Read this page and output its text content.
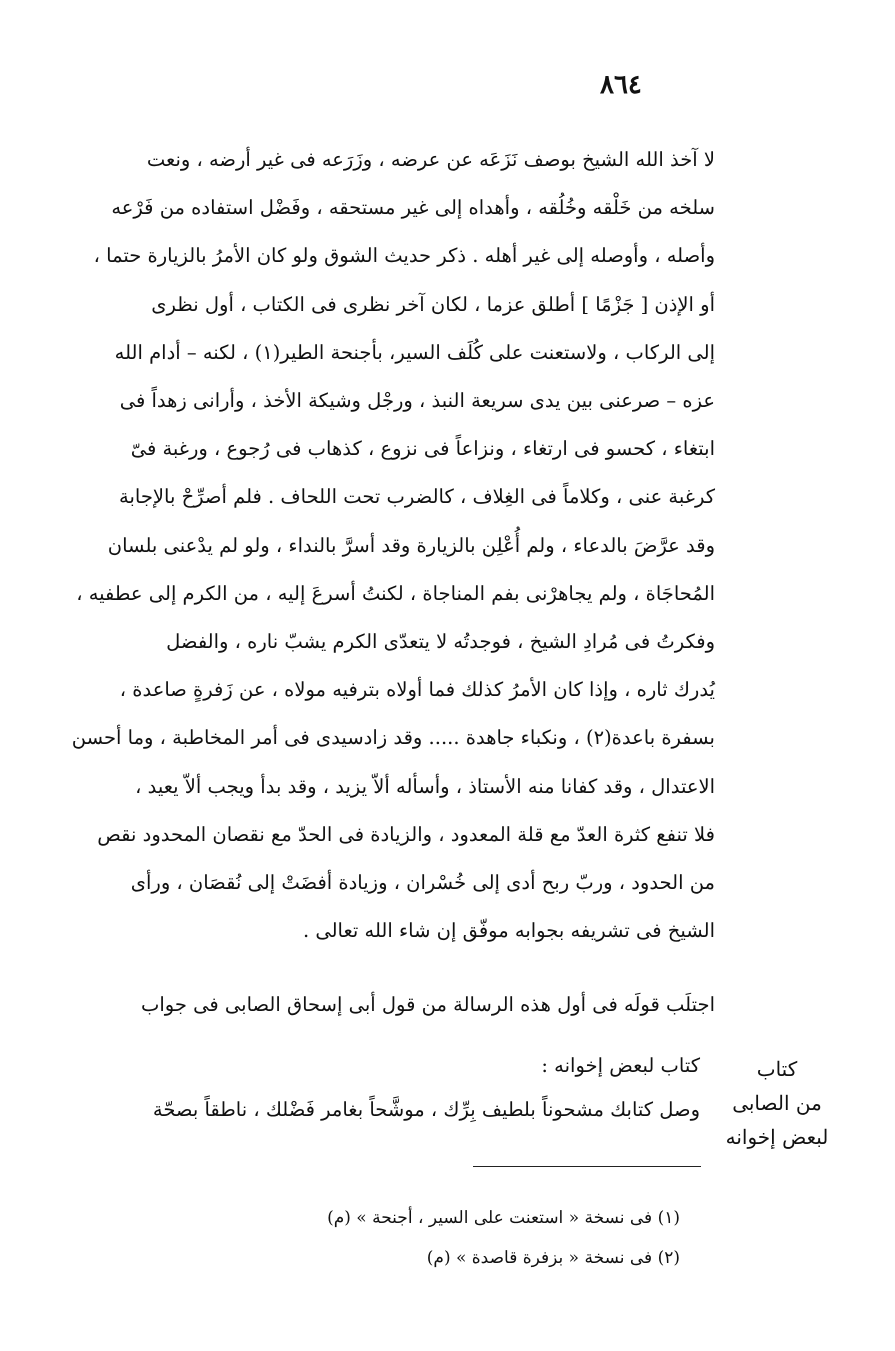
٨٦٤

لا آخذ الله الشيخ بوصف نَزَعَه عن عرضه ، وزَرَعه فى غير أرضه ، ونعت

سلخه من خَلْقه وخُلُقه ، وأهداه إلى غير مستحقه ، وفَضْل استفاده من فَرْعه

وأصله ، وأوصله إلى غير أهله . ذكر حديث الشوق ولو كان الأمرُ بالزيارة حتما ،

أو الإذن [ جَزْمًا ] أطلق عزما ، لكان آخر نظرى فى الكتاب ، أول نظرى

إلى الركاب ، ولاستعنت على كُلَف السير، بأجنحة الطير(١) ، لكنه – أدام الله

عزه – صرعنى بين يدى سريعة النبذ ، ورجْل وشيكة الأخذ ، وأرانى زهداً فى

ابتغاء ، كحسو فى ارتغاء ، ونزاعاً فى نزوع ، كذهاب فى رُجوع ، ورغبة فىّ

كرغبة عنى ، وكلاماً فى الغِلاف ، كالضرب تحت اللحاف . فلم أصرِّحْ بالإجابة

وقد عرَّضَ بالدعاء ، ولم أُعْلِن بالزيارة وقد أسرَّ بالنداء ، ولو لم يدْعنى بلسان

المُحاجَاة ، ولم يجاهرْنى بفم المناجاة ، لكنتُ أسرعَ إليه ، من الكرم إلى عطفيه ،

وفكرتُ فى مُرادِ الشيخ ، فوجدتُه لا يتعدّى الكرم يشبّ ناره ، والفضل

يُدرك ثاره ، وإذا كان الأمرُ كذلك فما أولاه بترفيه مولاه ، عن زَفرةٍ صاعدة ،

بسفرة باعدة(٢) ، ونكباء جاهدة ..... وقد زادسيدى فى أمر المخاطبة ، وما أحسن

الاعتدال ، وقد كفانا منه الأستاذ ، وأسأله ألاّ يزيد ، وقد بدأ ويجب ألاّ يعيد ،

فلا تنفع كثرة العدّ مع قلة المعدود ، والزيادة فى الحدّ مع نقصان المحدود نقص

من الحدود ، وربّ ربح أدى إلى خُسْران ، وزيادة أفضَتْ إلى نُقصَان ، ورأى

الشيخ فى تشريفه بجوابه موفّق إن شاء الله تعالى .

اجتلَب قولَه فى أول هذه الرسالة من قول أبى إسحاق الصابى فى جواب

كتاب لبعض إخوانه :
وصل كتابك مشحوناً بلطيف بِرِّك ، موشَّحاً بغامر فَضْلك ، ناطقاً بصحّة
كتاب
من الصابى
لبعض إخوانه
(١) فى نسخة « استعنت على السير ، أجنحة » (م)
(٢) فى نسخة « بزفرة قاصدة » (م)
